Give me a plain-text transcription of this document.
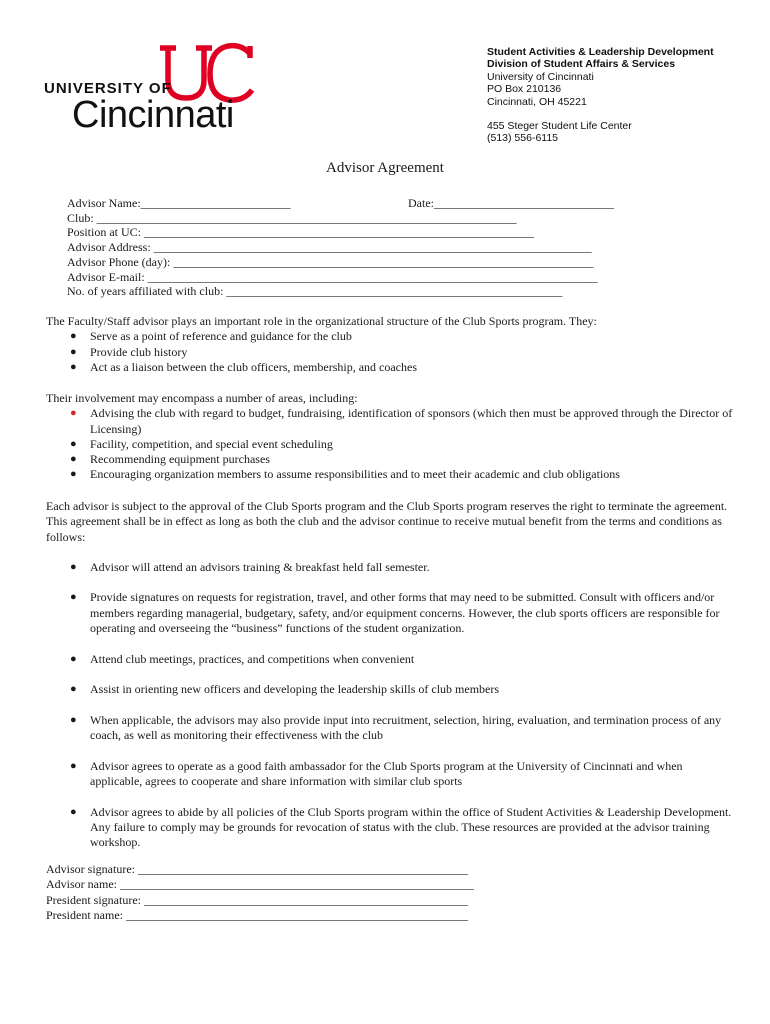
UNIVERSITY OF
Cincinnati
Student Activities & Leadership Development
Division of Student Affairs & Services
University of Cincinnati
PO Box 210136
Cincinnati, OH 45221
455 Steger Student Life Center
(513) 556-6115
Advisor Agreement
Advisor Name:_________________________	Date:______________________________
Club: ______________________________________________________________________
Position at UC: _________________________________________________________________
Advisor Address: _________________________________________________________________________
Advisor Phone (day): ______________________________________________________________________
Advisor E-mail: ___________________________________________________________________________
No. of years affiliated with club: ________________________________________________________
The Faculty/Staff advisor plays an important role in the organizational structure of the Club Sports program. They:
● Serve as a point of reference and guidance for the club
● Provide club history
● Act as a liaison between the club officers, membership, and coaches
Their involvement may encompass a number of areas, including:
● Advising the club with regard to budget, fundraising, identification of sponsors (which then must be approved through the Director of Licensing)
● Facility, competition, and special event scheduling
● Recommending equipment purchases
● Encouraging organization members to assume responsibilities and to meet their academic and club obligations
Each advisor is subject to the approval of the Club Sports program and the Club Sports program reserves the right to terminate the agreement. This agreement shall be in effect as long as both the club and the advisor continue to receive mutual benefit from the terms and conditions as follows:
● Advisor will attend an advisors training & breakfast held fall semester.
● Provide signatures on requests for registration, travel, and other forms that may need to be submitted. Consult with officers and/or members regarding managerial, budgetary, safety, and/or equipment concerns. However, the club sports officers are responsible for operating and overseeing the “business” functions of the student organization.
● Attend club meetings, practices, and competitions when convenient
● Assist in orienting new officers and developing the leadership skills of club members
● When applicable, the advisors may also provide input into recruitment, selection, hiring, evaluation, and termination process of any coach, as well as monitoring their effectiveness with the club
● Advisor agrees to operate as a good faith ambassador for the Club Sports program at the University of Cincinnati and when applicable, agrees to cooperate and share information with similar club sports
● Advisor agrees to abide by all policies of the Club Sports program within the office of Student Activities & Leadership Development. Any failure to comply may be grounds for revocation of status with the club. These resources are provided at the advisor training workshop.
Advisor signature: _______________________________________________________
Advisor name: ___________________________________________________________
President signature: ______________________________________________________
President name: _________________________________________________________
